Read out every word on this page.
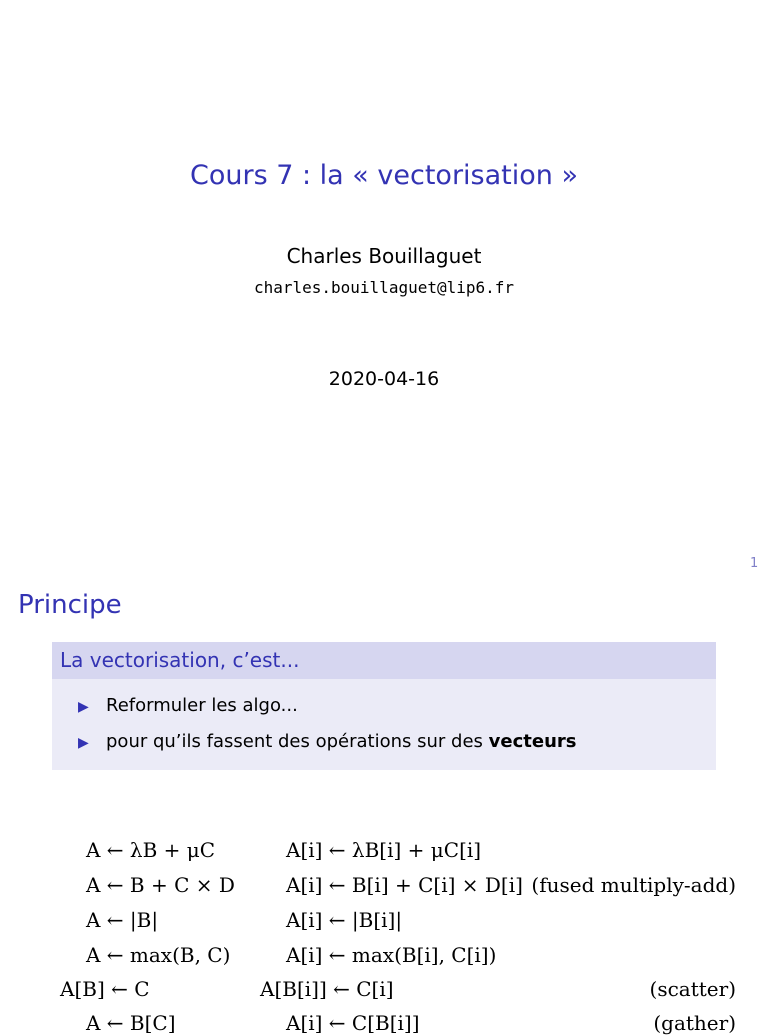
Cours 7 : la « vectorisation »
Charles Bouillaguet
charles.bouillaguet@lip6.fr
2020-04-16
1
Principe
La vectorisation, c’est...
▶ Reformuler les algo...
▶ pour qu’ils fassent des opérations sur des vecteurs
A ← λB + μC	A[i] ← λB[i] + μC[i]
A ← B + C × D	A[i] ← B[i] + C[i] × D[i] (fused multiply-add)
A ← |B|	A[i] ← |B[i]|
A ← max(B, C)	A[i] ← max(B[i], C[i])
A[B] ← C	A[B[i]] ← C[i]	(scatter)
A ← B[C]	A[i] ← C[B[i]]	(gather)
